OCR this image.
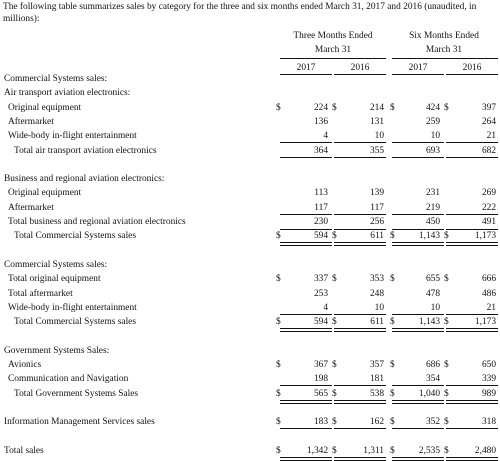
The following table summarizes sales by category for the three and six months ended March 31, 2017 and 2016 (unaudited, in millions):
Three Months Ended	Six Months Ended
March 31	March 31
2017	2016	2017	2016
Commercial Systems sales:
Air transport aviation electronics:
Original equipment	$	224 $	214 $	424 $	397
Aftermarket	136	131	259	264
Wide-body in-flight entertainment	4	10	10	21
Total air transport aviation electronics	364	355	693	682
Business and regional aviation electronics:
Original equipment	113	139	231	269
Aftermarket	117	117	219	222
Total business and regional aviation electronics	230	256	450	491
Total Commercial Systems sales	$	594 $	611 $	1,143 $	1,173
Commercial Systems sales:
Total original equipment	$	337 $	353 $	655 $	666
Total aftermarket	253	248	478	486
Wide-body in-flight entertainment	4	10	10	21
Total Commercial Systems sales	$	594 $	611 $	1,143 $	1,173
Government Systems Sales:
Avionics	$	367 $	357 $	686 $	650
Communication and Navigation	198	181	354	339
Total Government Systems Sales	$	565 $	538 $	1,040 $	989
Information Management Services sales	$	183 $	162 $	352 $	318
Total sales	$	1,342 $	1,311 $	2,535 $	2,480
